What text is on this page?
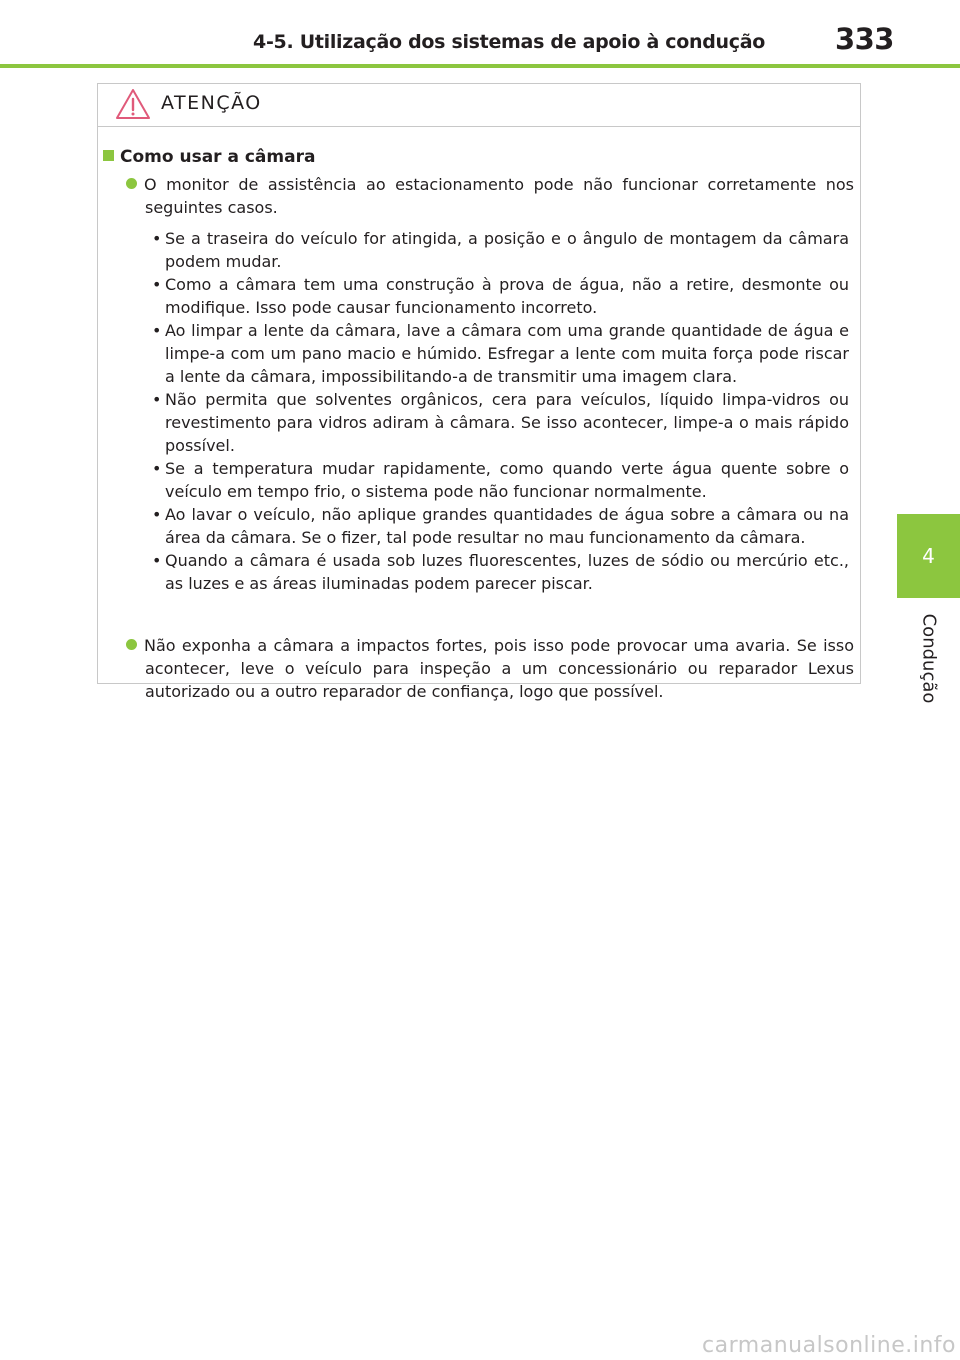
4-5. Utilização dos sistemas de apoio à condução 333
4
Condução
ATENÇÃO
Como usar a câmara

O monitor de assistência ao estacionamento pode não funcionar corretamente nos seguintes casos.

• Se a traseira do veículo for atingida, a posição e o ângulo de montagem da câmara podem mudar.
• Como a câmara tem uma construção à prova de água, não a retire, desmonte ou modifique. Isso pode causar funcionamento incorreto.
• Ao limpar a lente da câmara, lave a câmara com uma grande quantidade de água e limpe-a com um pano macio e húmido. Esfregar a lente com muita força pode riscar a lente da câmara, impossibilitando-a de transmitir uma imagem clara.
• Não permita que solventes orgânicos, cera para veículos, líquido limpa-vidros ou revestimento para vidros adiram à câmara. Se isso acontecer, limpe-a o mais rápido possível.
• Se a temperatura mudar rapidamente, como quando verte água quente sobre o veículo em tempo frio, o sistema pode não funcionar normalmente.
• Ao lavar o veículo, não aplique grandes quantidades de água sobre a câmara ou na área da câmara. Se o fizer, tal pode resultar no mau funcionamento da câmara.
• Quando a câmara é usada sob luzes fluorescentes, luzes de sódio ou mercúrio etc., as luzes e as áreas iluminadas podem parecer piscar.

Não exponha a câmara a impactos fortes, pois isso pode provocar uma avaria. Se isso acontecer, leve o veículo para inspeção a um concessionário ou reparador Lexus autorizado ou a outro reparador de confiança, logo que possível.

carmanualsonline.info
